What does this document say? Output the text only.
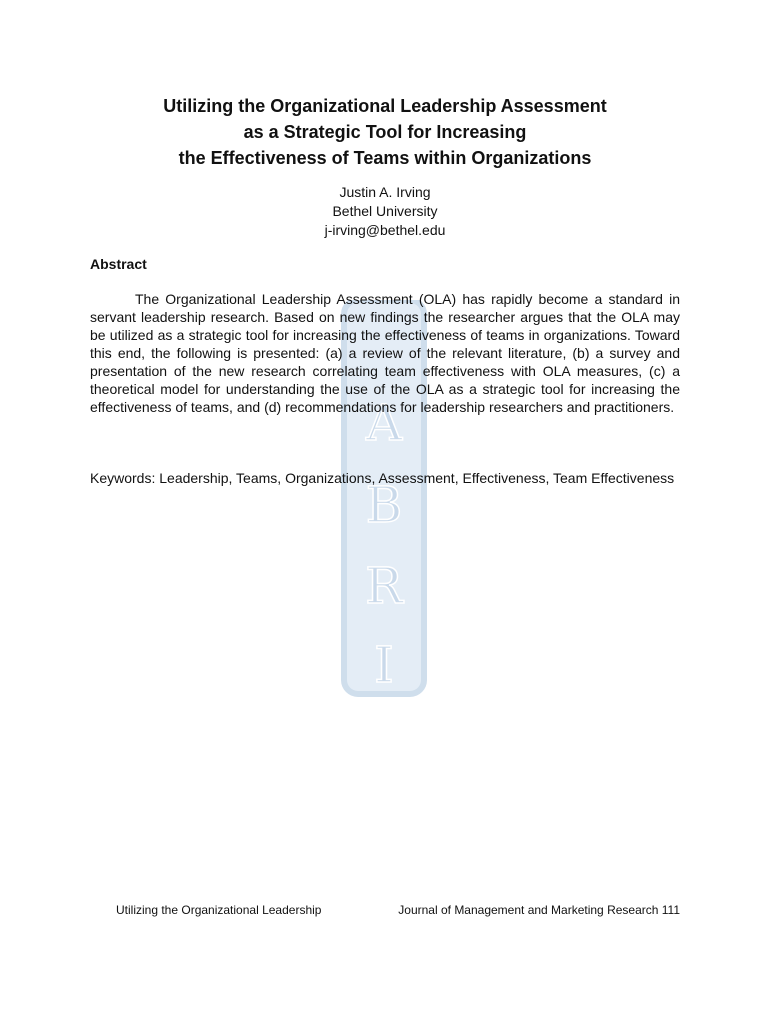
A
B
R
I
Utilizing the Organizational Leadership Assessment
as a Strategic Tool for Increasing
the Effectiveness of Teams within Organizations
Justin A. Irving
Bethel University
j-irving@bethel.edu
Abstract

The Organizational Leadership Assessment (OLA) has rapidly become a standard in servant leadership research. Based on new findings the researcher argues that the OLA may be utilized as a strategic tool for increasing the effectiveness of teams in organizations. Toward this end, the following is presented: (a) a review of the relevant literature, (b) a survey and presentation of the new research correlating team effectiveness with OLA measures, (c) a theoretical model for understanding the use of the OLA as a strategic tool for increasing the effectiveness of teams, and (d) recommendations for leadership researchers and practitioners.

Keywords: Leadership, Teams, Organizations, Assessment, Effectiveness, Team Effectiveness

Utilizing the Organizational Leadership	Journal of Management and Marketing Research 111
